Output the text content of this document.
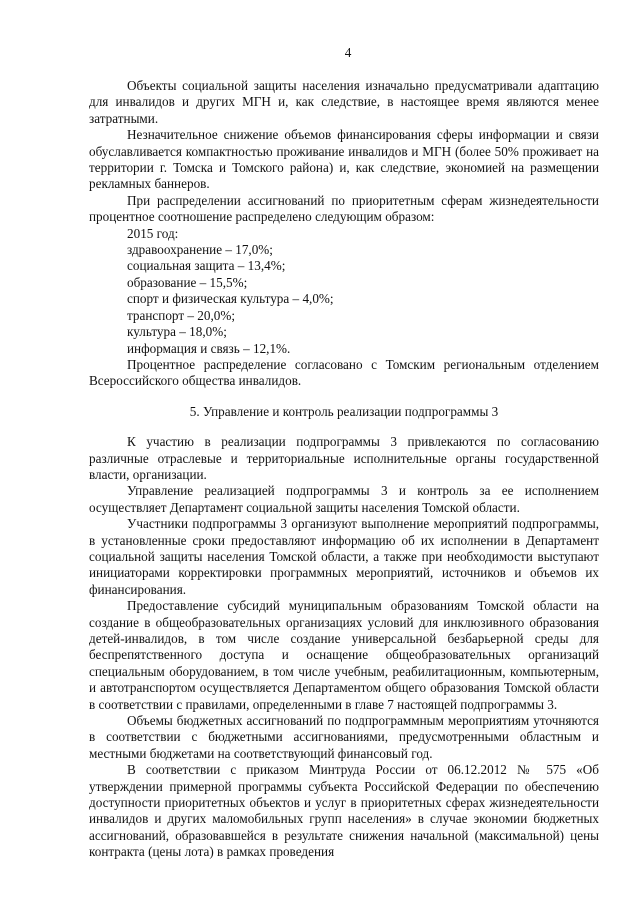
4

Объекты социальной защиты населения изначально предусматривали адаптацию для инвалидов и других МГН и, как следствие, в настоящее время являются менее затратными.

Незначительное снижение объемов финансирования сферы информации и связи обуславливается компактностью проживание инвалидов и МГН (более 50% проживает на территории г. Томска и Томского района) и, как следствие, экономией на размещении рекламных баннеров.

При распределении ассигнований по приоритетным сферам жизнедеятельности процентное соотношение распределено следующим образом:

2015 год:

здравоохранение – 17,0%;

социальная защита – 13,4%;

образование – 15,5%;

спорт и физическая культура – 4,0%;

транспорт – 20,0%;

культура – 18,0%;

информация и связь – 12,1%.

Процентное распределение согласовано с Томским региональным отделением Всероссийского общества инвалидов.

5. Управление и контроль реализации подпрограммы 3

К участию в реализации подпрограммы 3 привлекаются по согласованию различные отраслевые и территориальные исполнительные органы государственной власти, организации.

Управление реализацией подпрограммы 3 и контроль за ее исполнением осуществляет Департамент социальной защиты населения Томской области.

Участники подпрограммы 3 организуют выполнение мероприятий подпрограммы, в установленные сроки предоставляют информацию об их исполнении в Департамент социальной защиты населения Томской области, а также при необходимости выступают инициаторами корректировки программных мероприятий, источников и объемов их финансирования.

Предоставление субсидий муниципальным образованиям Томской области на создание в общеобразовательных организациях условий для инклюзивного образования детей-инвалидов, в том числе создание универсальной безбарьерной среды для беспрепятственного доступа и оснащение общеобразовательных организаций специальным оборудованием, в том числе учебным, реабилитационным, компьютерным, и автотранспортом осуществляется Департаментом общего образования Томской области в соответствии с правилами, определенными в главе 7 настоящей подпрограммы 3.

Объемы бюджетных ассигнований по подпрограммным мероприятиям уточняются в соответствии с бюджетными ассигнованиями, предусмотренными областным и местными бюджетами на соответствующий финансовый год.

В соответствии с приказом Минтруда России от 06.12.2012 № 575 «Об утверждении примерной программы субъекта Российской Федерации по обеспечению доступности приоритетных объектов и услуг в приоритетных сферах жизнедеятельности инвалидов и других маломобильных групп населения» в случае экономии бюджетных ассигнований, образовавшейся в результате снижения начальной (максимальной) цены контракта (цены лота) в рамках проведения
